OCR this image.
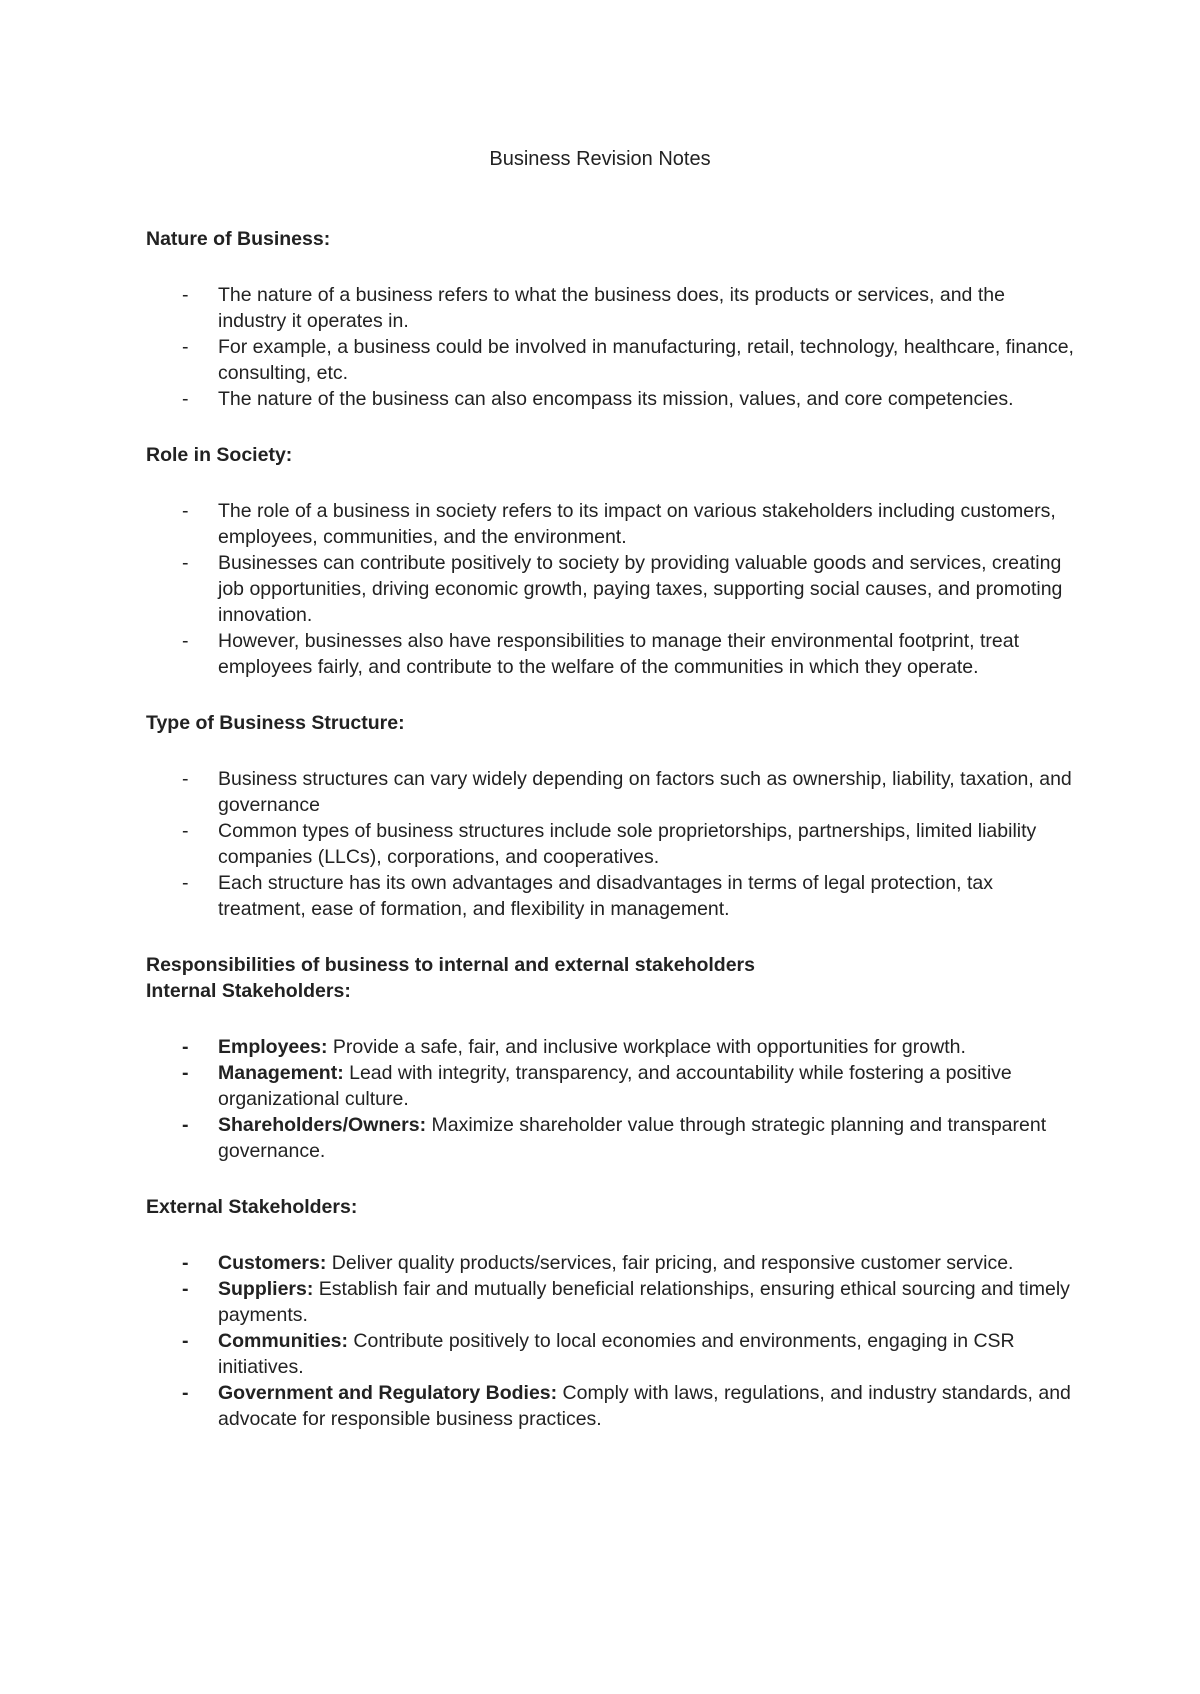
Business Revision Notes

Nature of Business:

- The nature of a business refers to what the business does, its products or services, and the industry it operates in.
- For example, a business could be involved in manufacturing, retail, technology, healthcare, finance, consulting, etc.
- The nature of the business can also encompass its mission, values, and core competencies.

Role in Society:

- The role of a business in society refers to its impact on various stakeholders including customers, employees, communities, and the environment.
- Businesses can contribute positively to society by providing valuable goods and services, creating job opportunities, driving economic growth, paying taxes, supporting social causes, and promoting innovation.
- However, businesses also have responsibilities to manage their environmental footprint, treat employees fairly, and contribute to the welfare of the communities in which they operate.

Type of Business Structure:

- Business structures can vary widely depending on factors such as ownership, liability, taxation, and governance
- Common types of business structures include sole proprietorships, partnerships, limited liability companies (LLCs), corporations, and cooperatives.
- Each structure has its own advantages and disadvantages in terms of legal protection, tax treatment, ease of formation, and flexibility in management.

Responsibilities of business to internal and external stakeholders

Internal Stakeholders:

- Employees: Provide a safe, fair, and inclusive workplace with opportunities for growth.
- Management: Lead with integrity, transparency, and accountability while fostering a positive organizational culture.
- Shareholders/Owners: Maximize shareholder value through strategic planning and transparent governance.

External Stakeholders:

- Customers: Deliver quality products/services, fair pricing, and responsive customer service.
- Suppliers: Establish fair and mutually beneficial relationships, ensuring ethical sourcing and timely payments.
- Communities: Contribute positively to local economies and environments, engaging in CSR initiatives.
- Government and Regulatory Bodies: Comply with laws, regulations, and industry standards, and advocate for responsible business practices.
